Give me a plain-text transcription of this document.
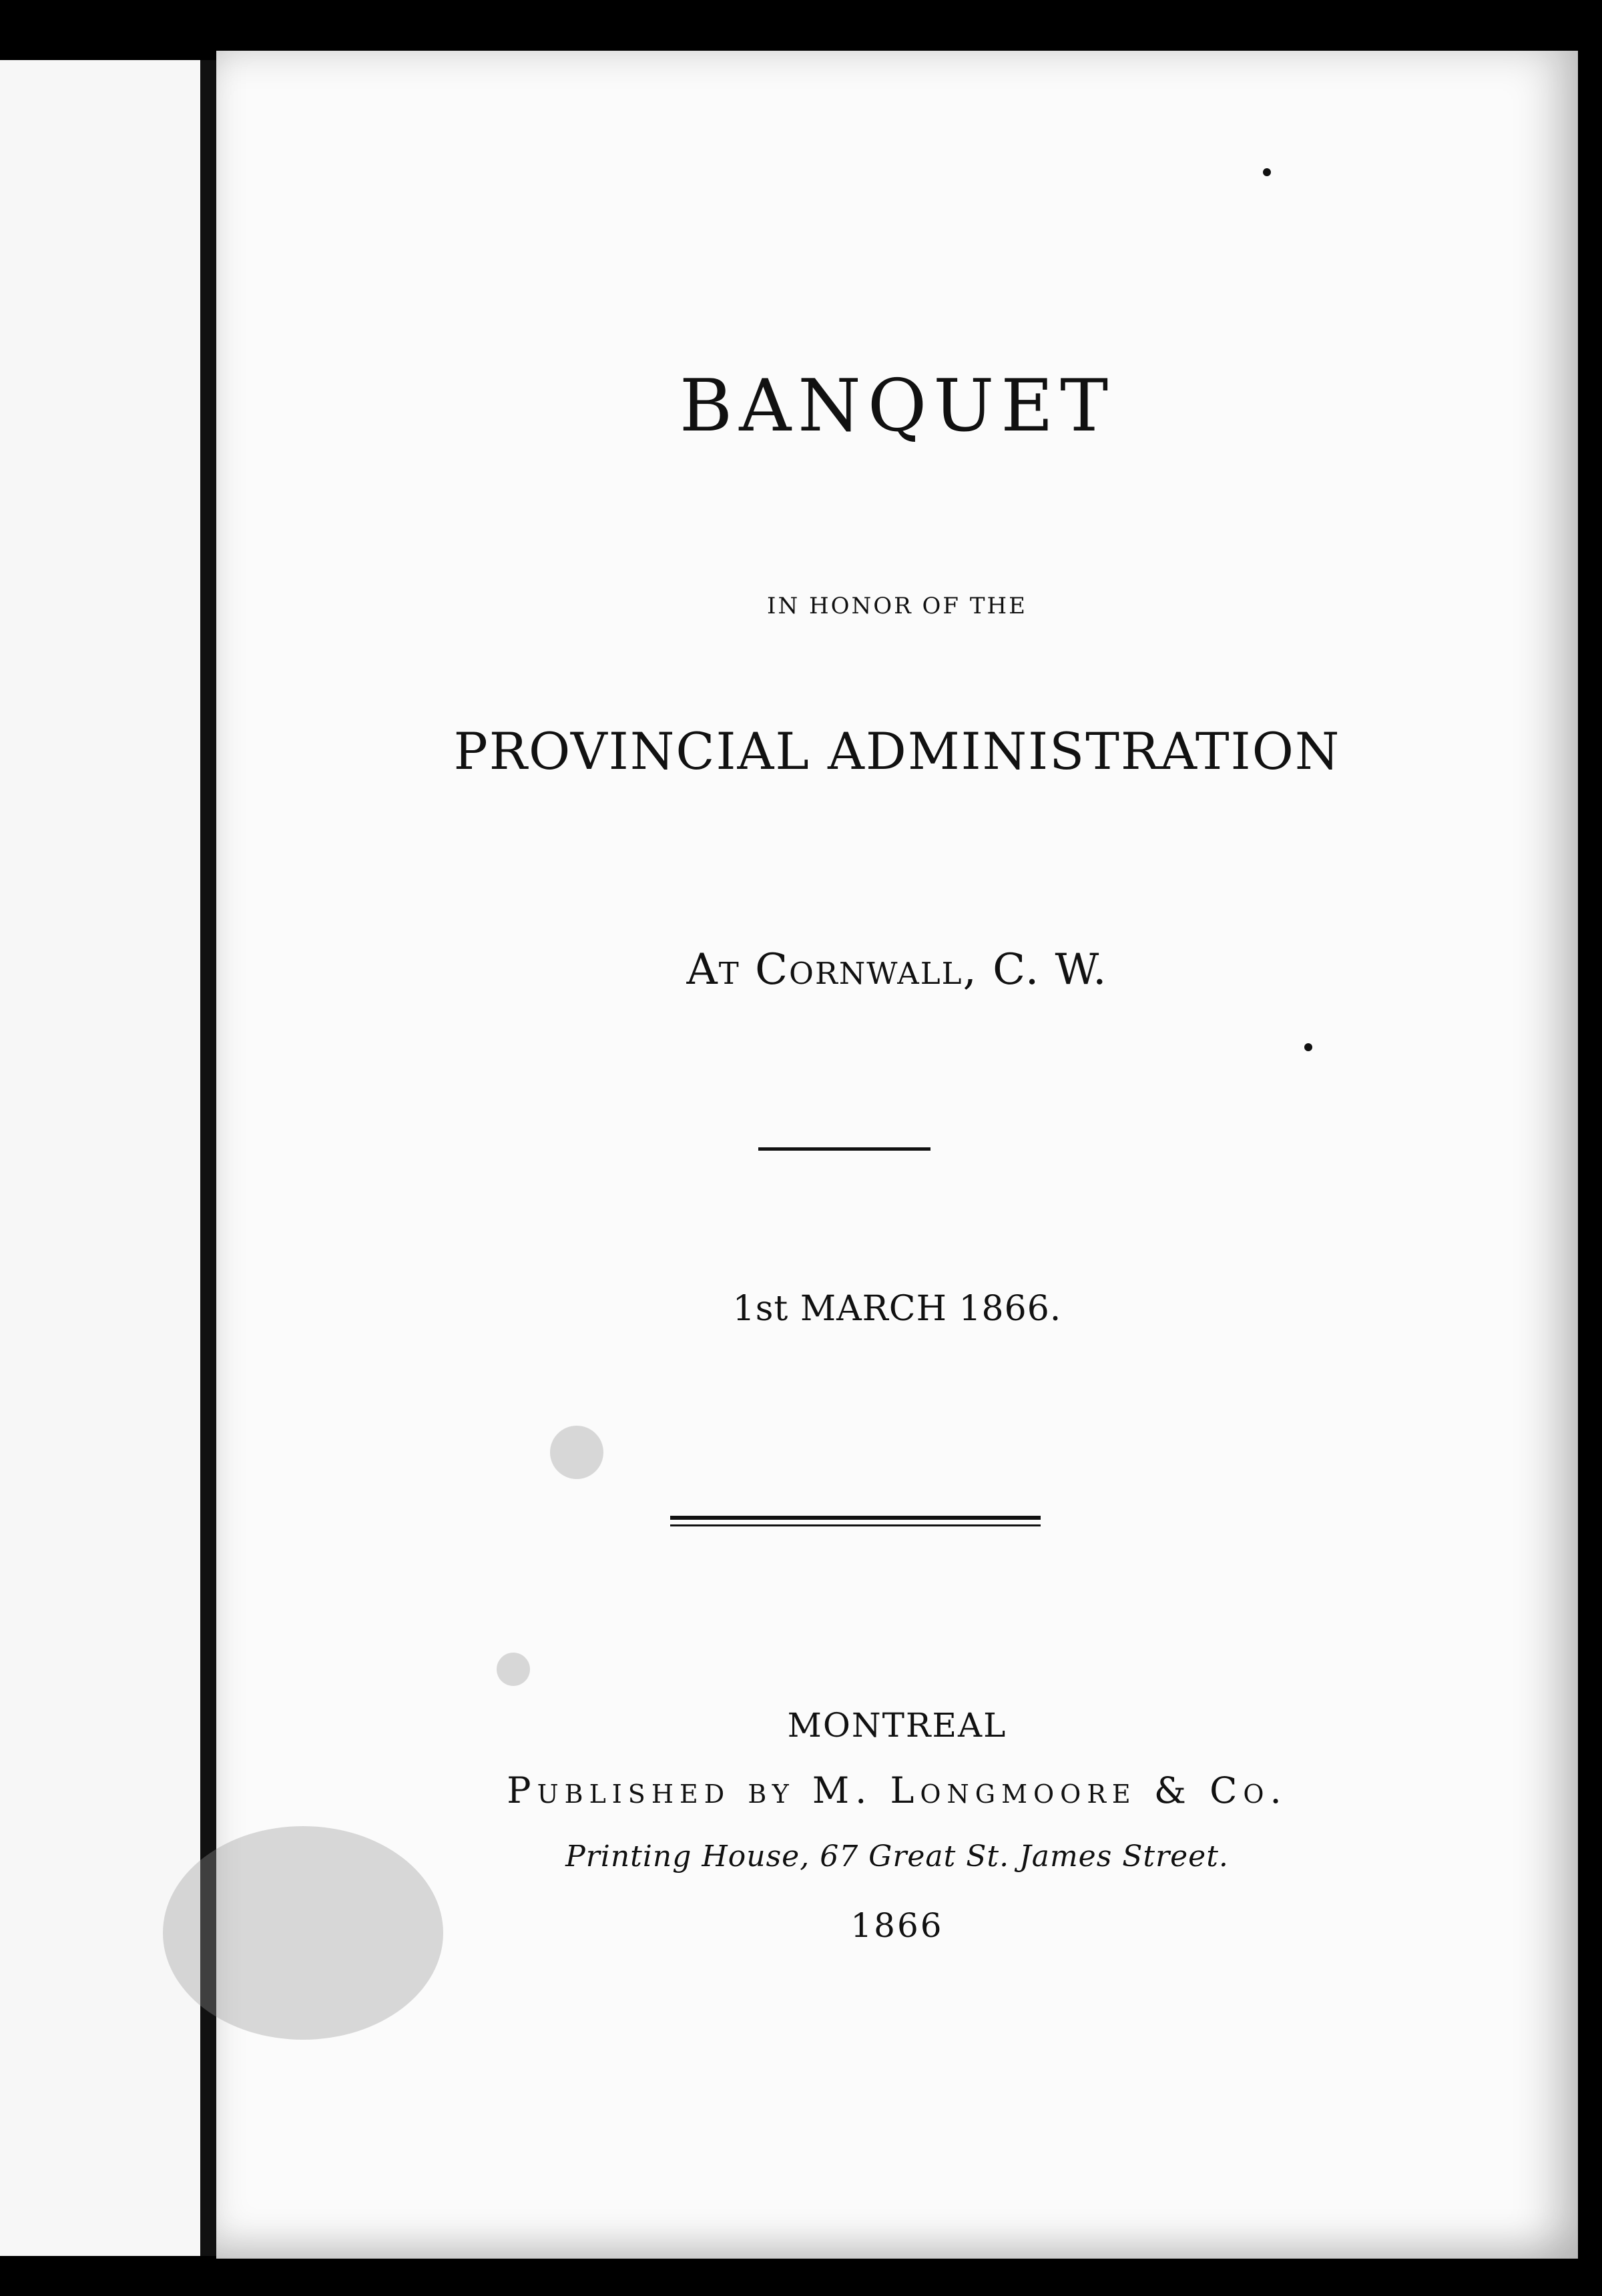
BANQUET
IN HONOR OF THE
PROVINCIAL ADMINISTRATION
At Cornwall, C. W.
1st MARCH 1866.
MONTREAL
Published by M. Longmoore & Co.
Printing House, 67 Great St. James Street.
1866
